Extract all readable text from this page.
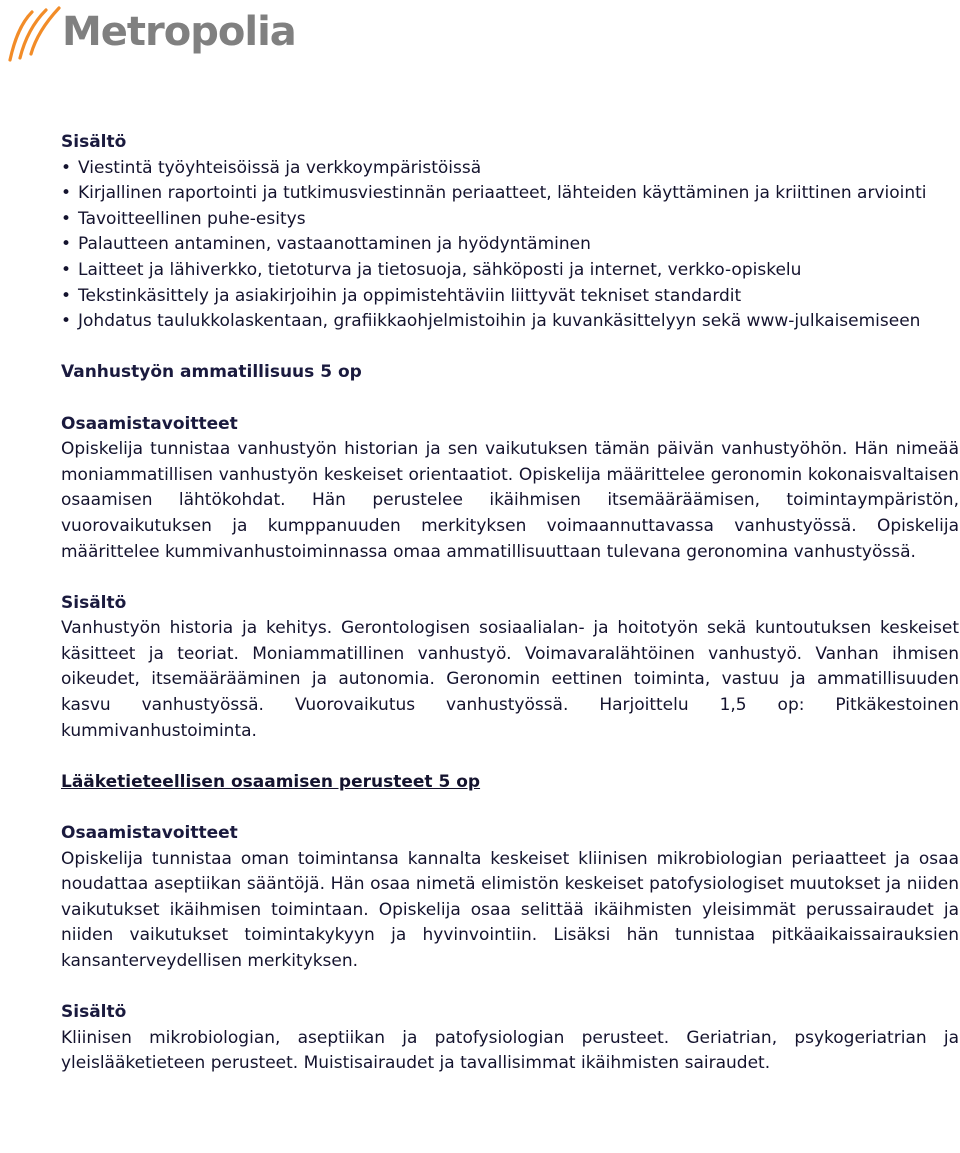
Metropolia
Sisältö
• Viestintä työyhteisöissä ja verkkoympäristöissä
• Kirjallinen raportointi ja tutkimusviestinnän periaatteet, lähteiden käyttäminen ja kriittinen arviointi
• Tavoitteellinen puhe-esitys
• Palautteen antaminen, vastaanottaminen ja hyödyntäminen
• Laitteet ja lähiverkko, tietoturva ja tietosuoja, sähköposti ja internet, verkko-opiskelu
• Tekstinkäsittely ja asiakirjoihin ja oppimistehtäviin liittyvät tekniset standardit
• Johdatus taulukkolaskentaan, grafiikkaohjelmistoihin ja kuvankäsittelyyn sekä www-julkaisemiseen
Vanhustyön ammatillisuus 5 op
Osaamistavoitteet

Opiskelija tunnistaa vanhustyön historian ja sen vaikutuksen tämän päivän vanhustyöhön. Hän nimeää moniammatillisen vanhustyön keskeiset orientaatiot. Opiskelija määrittelee geronomin kokonaisvaltaisen osaamisen lähtökohdat. Hän perustelee ikäihmisen itsemääräämisen, toimintaympäristön, vuorovaikutuksen ja kumppanuuden merkityksen voimaannuttavassa vanhustyössä. Opiskelija määrittelee kummivanhustoiminnassa omaa ammatillisuuttaan tulevana geronomina vanhustyössä.

Sisältö

Vanhustyön historia ja kehitys. Gerontologisen sosiaalialan- ja hoitotyön sekä kuntoutuksen keskeiset käsitteet ja teoriat. Moniammatillinen vanhustyö. Voimavaralähtöinen vanhustyö. Vanhan ihmisen oikeudet, itsemäärääminen ja autonomia. Geronomin eettinen toiminta, vastuu ja ammatillisuuden kasvu vanhustyössä. Vuorovaikutus vanhustyössä. Harjoittelu 1,5 op: Pitkäkestoinen kummivanhustoiminta.

Lääketieteellisen osaamisen perusteet 5 op
Osaamistavoitteet

Opiskelija tunnistaa oman toimintansa kannalta keskeiset kliinisen mikrobiologian periaatteet ja osaa noudattaa aseptiikan sääntöjä. Hän osaa nimetä elimistön keskeiset patofysiologiset muutokset ja niiden vaikutukset ikäihmisen toimintaan. Opiskelija osaa selittää ikäihmisten yleisimmät perussairaudet ja niiden vaikutukset toimintakykyyn ja hyvinvointiin. Lisäksi hän tunnistaa pitkäaikaissairauksien kansanterveydellisen merkityksen.

Sisältö

Kliinisen mikrobiologian, aseptiikan ja patofysiologian perusteet. Geriatrian, psykogeriatrian ja yleislääketieteen perusteet. Muistisairaudet ja tavallisimmat ikäihmisten sairaudet.
